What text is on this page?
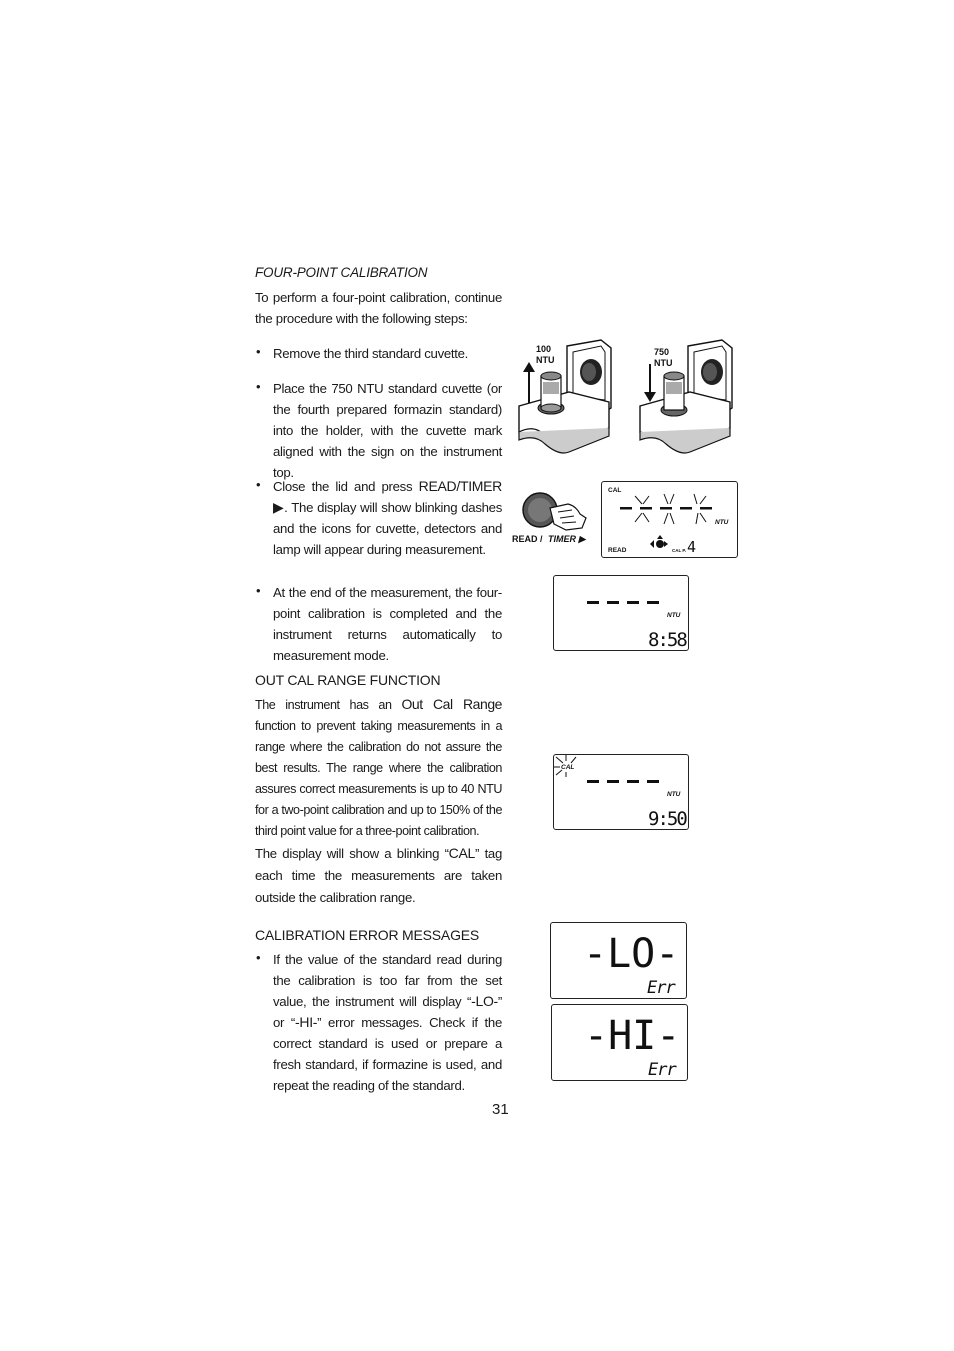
FOUR-POINT CALIBRATION
To perform a four-point calibration, continue the procedure with the following steps:
• Remove the third standard cuvette.
• Place the 750 NTU standard cuvette (or the fourth prepared formazin standard) into the holder, with the cuvette mark aligned with the sign on the instrument top.
• Close the lid and press READ/TIMER ▶. The display will show blinking dashes and the icons for cuvette, detectors and lamp will appear during measurement.
• At the end of the measurement, the four-point calibration is completed and the instrument returns automatically to measurement mode.
OUT CAL RANGE FUNCTION
The instrument has an Out Cal Range function to prevent taking measurements in a range where the calibration do not assure the best results. The range where the calibration assures correct measurements is up to 40 NTU for a two-point calibration and up to 150% of the third point value for a three-point calibration.
The display will show a blinking “CAL” tag each time the measurements are taken outside the calibration range.
CALIBRATION ERROR MESSAGES
• If the value of the standard read during the calibration is too far from the set value, the instrument will display “-LO-” or “-HI-” error messages. Check if the correct standard is used or prepare a fresh standard, if formazine is used, and repeat the reading of the standard.
31
100
NTU
750
NTU
READ / TIMER ▶
CAL
NTU
READ	CAL P. 4
NTU
8:58
CAL
NTU
9:50
-LO-
Err
-HI-
Err
